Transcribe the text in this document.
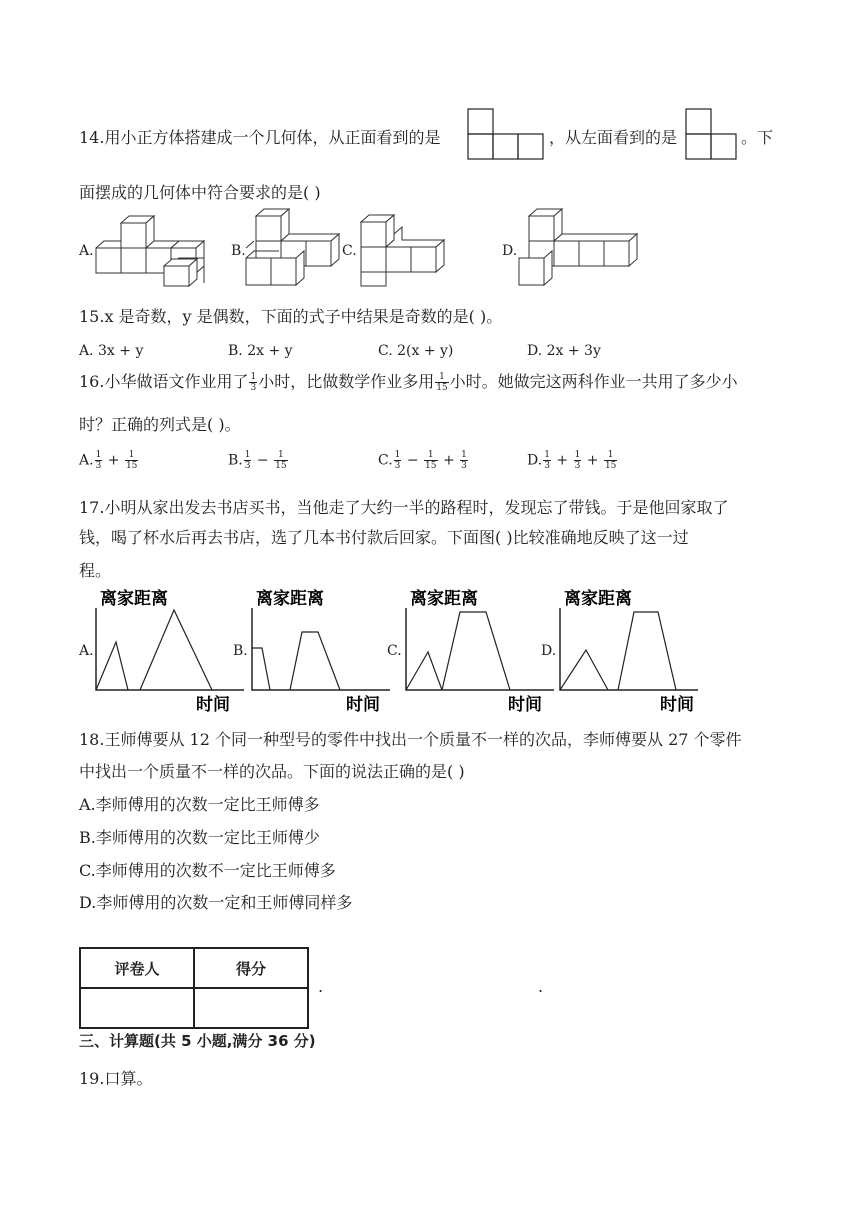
14.用小正方体搭建成一个几何体，从正面看到的是	，从左面看到的是	。下
面摆成的几何体中符合要求的是( )
A.	B.	C.	D.
15.x 是奇数，y 是偶数，下面的式子中结果是奇数的是( )。
A. 3x + y	B. 2x + y	C. 2(x + y)	D. 2x + 3y
16.小华做语文作业用了 $\frac{1}{3}$ 小时，比做数学作业多用 $\frac{1}{15}$ 小时。她做完这两科作业一共用了多少小
时？正确的列式是( )。
A. $\frac{1}{3} + \frac{1}{15}$	B. $\frac{1}{3} - \frac{1}{15}$	C. $\frac{1}{3} - \frac{1}{15} + \frac{1}{3}$	D. $\frac{1}{3} + \frac{1}{3} + \frac{1}{15}$
17.小明从家出发去书店买书，当他走了大约一半的路程时，发现忘了带钱。于是他回家取了
钱，喝了杯水后再去书店，选了几本书付款后回家。下面图( )比较准确地反映了这一过
程。
A.
离家距离
时间
B.
离家距离
时间
C.
离家距离
时间
D.
离家距离
时间
18.王师傅要从 12 个同一种型号的零件中找出一个质量不一样的次品，李师傅要从 27 个零件
中找出一个质量不一样的次品。下面的说法正确的是( )
A.李师傅用的次数一定比王师傅多
B.李师傅用的次数一定比王师傅少
C.李师傅用的次数不一定比王师傅多
D.李师傅用的次数一定和王师傅同样多
评卷人	得分

.	.
三、计算题(共 5 小题,满分 36 分)
19.口算。
